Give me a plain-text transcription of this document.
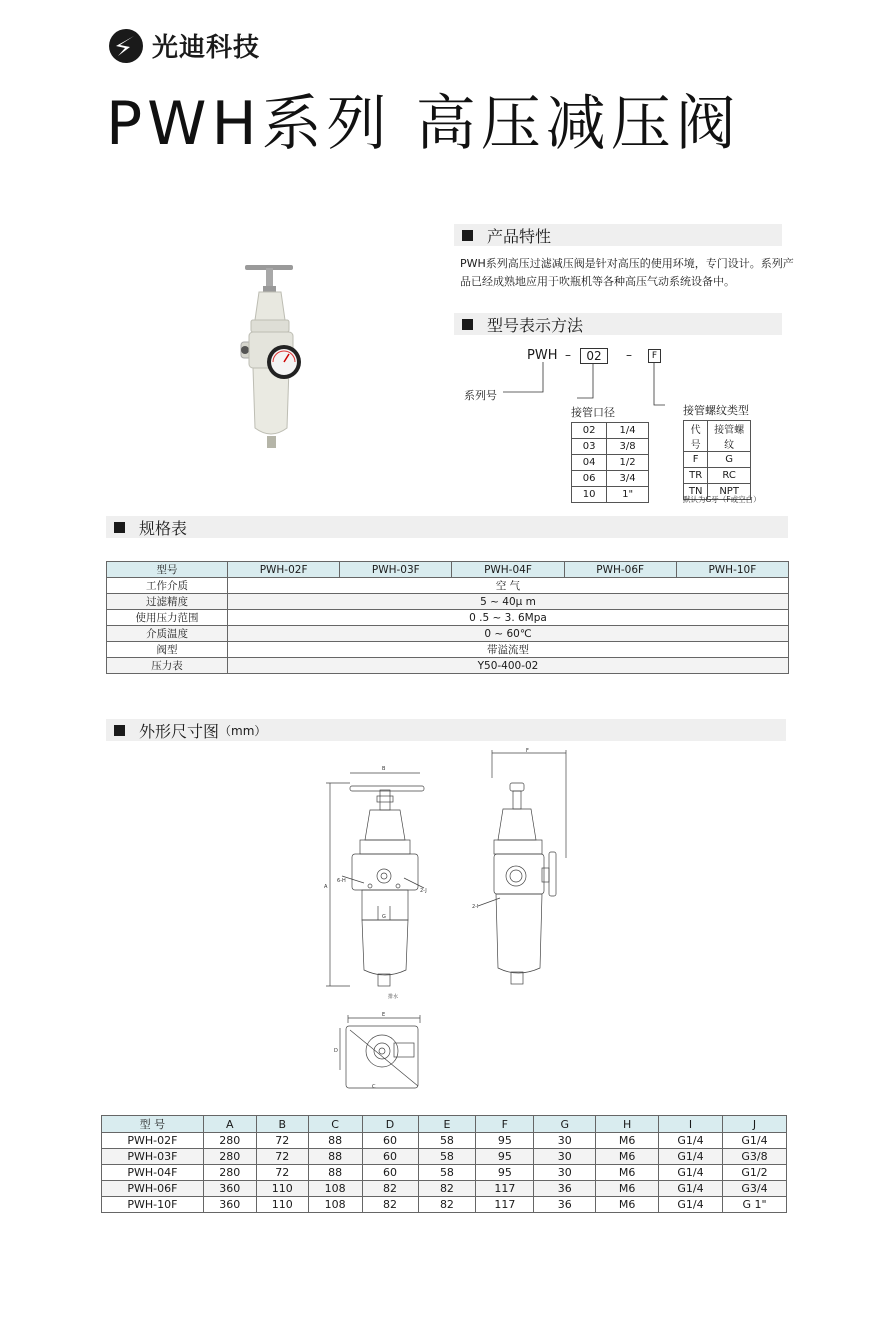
光迪科技
PWH系列 高压减压阀
产品特性
PWH系列高压过滤减压阀是针对高压的使用环境，专门设计。系列产品已经成熟地应用于吹瓶机等各种高压气动系统设备中。
型号表示方法
PWH –	02	–	F
系列号
接管口径	接管螺纹类型
02	1/4
03	3/8
04	1/2
06	3/4
10	1"
代号	接管螺纹
F	G
TR	RC
TN	NPT
默认为G牙（F或空白）
规格表
型号	PWH-02F	PWH-03F	PWH-04F	PWH-06F	PWH-10F
工作介质	空 气				
过滤精度	5 ~ 40μ m				
使用压力范围	0 .5 ~ 3. 6Mpa				
介质温度	0 ~ 60℃				
阀型	带溢流型				
压力表	Y50-400-02				
外形尺寸图 （mm）
B
A
6-H
2-J
G
排水
F
2-I
E
D
C
型 号	A	B	C	D	E	F	G	H	I	J
PWH-02F	280	72	88	60	58	95	30	M6	G1/4	G1/4
PWH-03F	280	72	88	60	58	95	30	M6	G1/4	G3/8
PWH-04F	280	72	88	60	58	95	30	M6	G1/4	G1/2
PWH-06F	360	110	108	82	82	117	36	M6	G1/4	G3/4
PWH-10F	360	110	108	82	82	117	36	M6	G1/4	G 1"
